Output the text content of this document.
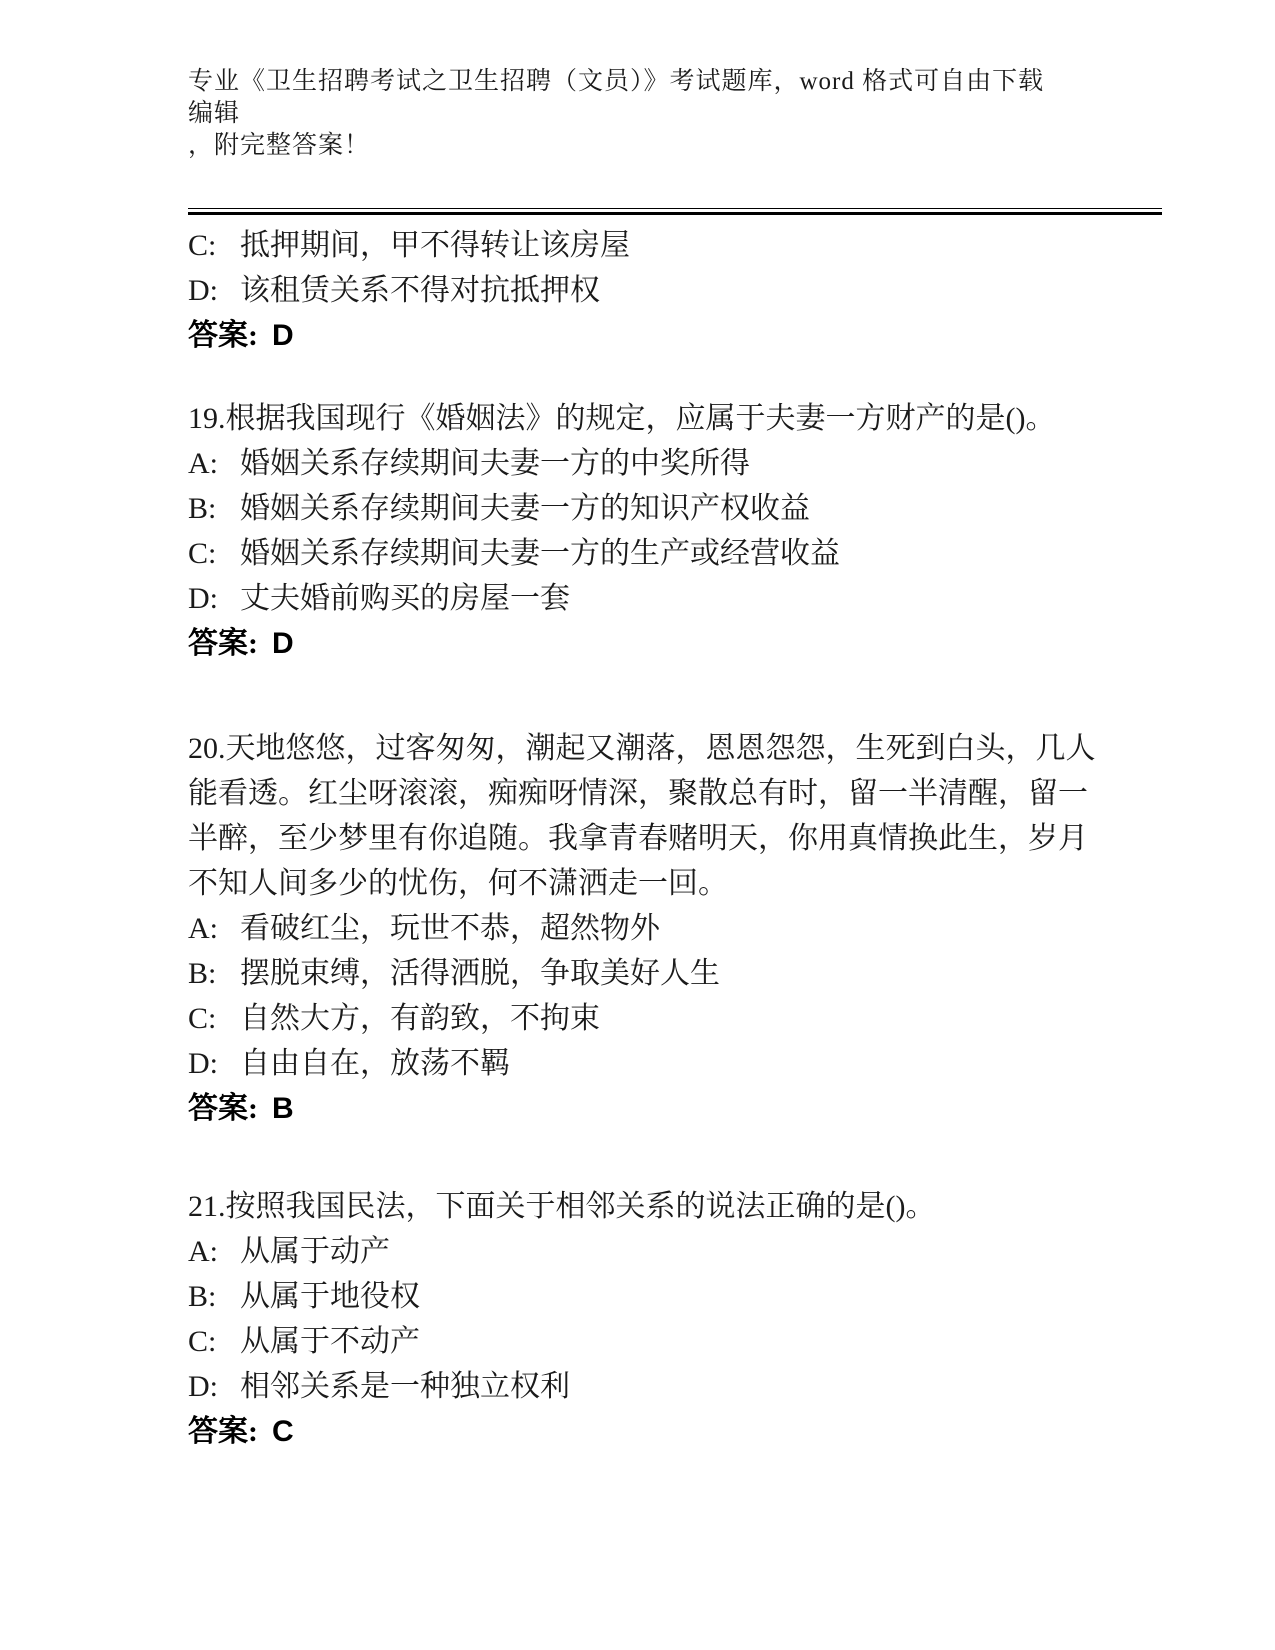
专业《卫生招聘考试之卫生招聘（文员）》考试题库，word 格式可自由下载编辑

，附完整答案！

C: 抵押期间，甲不得转让该房屋

D: 该租赁关系不得对抗抵押权

答案: D

19.根据我国现行《婚姻法》的规定，应属于夫妻一方财产的是()。

A: 婚姻关系存续期间夫妻一方的中奖所得

B: 婚姻关系存续期间夫妻一方的知识产权收益

C: 婚姻关系存续期间夫妻一方的生产或经营收益

D: 丈夫婚前购买的房屋一套

答案: D

20.天地悠悠，过客匆匆，潮起又潮落，恩恩怨怨，生死到白头，几人能看透。红尘呀滚滚，痴痴呀情深，聚散总有时，留一半清醒，留一半醉，至少梦里有你追随。我拿青春赌明天，你用真情换此生，岁月不知人间多少的忧伤，何不潇洒走一回。

A: 看破红尘，玩世不恭，超然物外

B: 摆脱束缚，活得洒脱，争取美好人生

C: 自然大方，有韵致，不拘束

D: 自由自在，放荡不羁

答案: B

21.按照我国民法，下面关于相邻关系的说法正确的是()。

A: 从属于动产

B: 从属于地役权

C: 从属于不动产

D: 相邻关系是一种独立权利

答案: C
